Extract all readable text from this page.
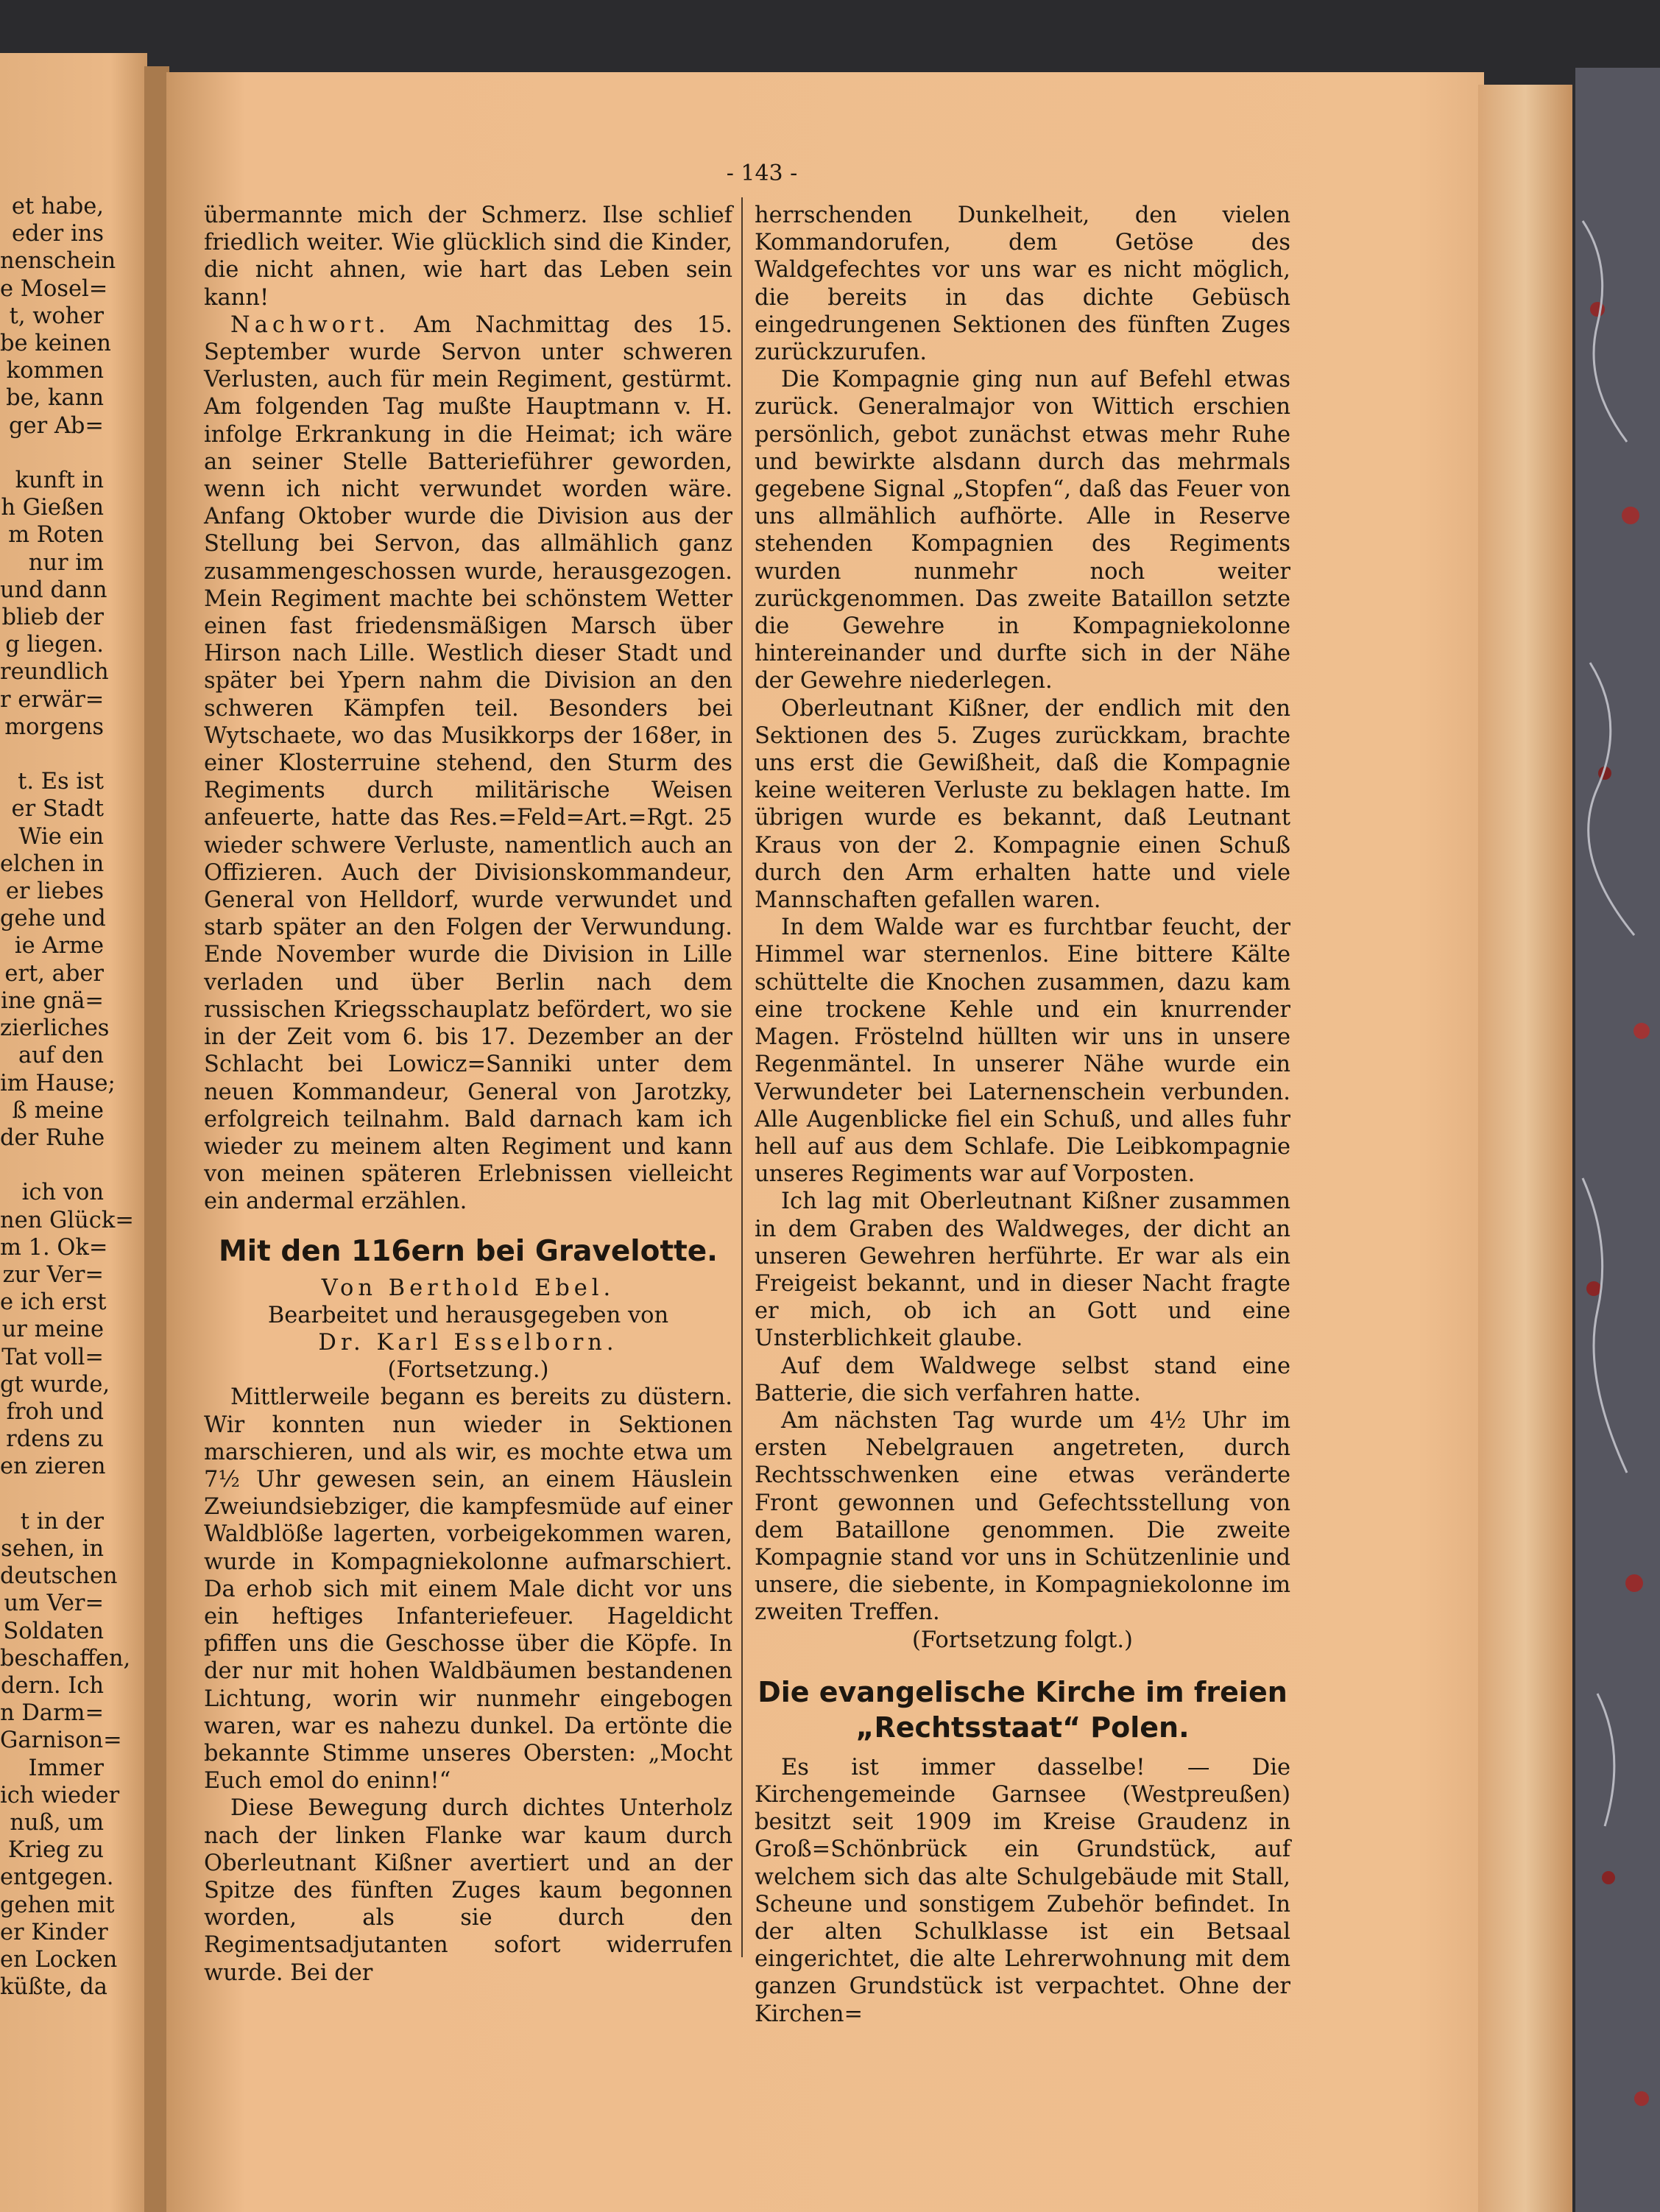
et habe,
eder ins
nenschein
e Mosel=
t, woher
be keinen
kommen
be, kann
ger Ab=

kunft in
h Gießen
m Roten
nur im
und dann
blieb der
g liegen.
reundlich
r erwär=
morgens

t. Es ist
er Stadt
Wie ein
elchen in
er liebes
gehe und
ie Arme
ert, aber
ine gnä=
zierliches
auf den
im Hause;
ß meine
der Ruhe

ich von
nen Glück=
m 1. Ok=
zur Ver=
e ich erst
ur meine
Tat voll=
gt wurde,
froh und
rdens zu
en zieren

t in der
sehen, in
deutschen
um Ver=
Soldaten
beschaffen,
dern. Ich
n Darm=
Garnison=
Immer
ich wieder
nuß, um
Krieg zu
entgegen.
gehen mit
er Kinder
en Locken
küßte, da
- 143 -

übermannte mich der Schmerz. Ilse schlief friedlich weiter. Wie glücklich sind die Kinder, die nicht ahnen, wie hart das Leben sein kann!

Nachwort. Am Nachmittag des 15. September wurde Servon unter schweren Verlusten, auch für mein Regiment, gestürmt. Am folgenden Tag mußte Hauptmann v. H. infolge Erkrankung in die Heimat; ich wäre an seiner Stelle Batterieführer geworden, wenn ich nicht verwundet worden wäre. Anfang Oktober wurde die Division aus der Stellung bei Servon, das allmählich ganz zusammengeschossen wurde, herausgezogen. Mein Regiment machte bei schönstem Wetter einen fast friedensmäßigen Marsch über Hirson nach Lille. Westlich dieser Stadt und später bei Ypern nahm die Division an den schweren Kämpfen teil. Besonders bei Wytschaete, wo das Musikkorps der 168er, in einer Klosterruine stehend, den Sturm des Regiments durch militärische Weisen anfeuerte, hatte das Res.=Feld=Art.=Rgt. 25 wieder schwere Verluste, namentlich auch an Offizieren. Auch der Divisionskommandeur, General von Helldorf, wurde verwundet und starb später an den Folgen der Verwundung. Ende November wurde die Division in Lille verladen und über Berlin nach dem russischen Kriegsschauplatz befördert, wo sie in der Zeit vom 6. bis 17. Dezember an der Schlacht bei Lowicz=Sanniki unter dem neuen Kommandeur, General von Jarotzky, erfolgreich teilnahm. Bald darnach kam ich wieder zu meinem alten Regiment und kann von meinen späteren Erlebnissen vielleicht ein andermal erzählen.

Mit den 116ern bei Gravelotte.

Von Berthold Ebel.

Bearbeitet und herausgegeben von

Dr. Karl Esselborn.

(Fortsetzung.)

Mittlerweile begann es bereits zu düstern. Wir konnten nun wieder in Sektionen marschieren, und als wir, es mochte etwa um 7½ Uhr gewesen sein, an einem Häuslein Zweiundsiebziger, die kampfesmüde auf einer Waldblöße lagerten, vorbeigekommen waren, wurde in Kompagniekolonne aufmarschiert. Da erhob sich mit einem Male dicht vor uns ein heftiges Infanteriefeuer. Hageldicht pfiffen uns die Geschosse über die Köpfe. In der nur mit hohen Waldbäumen bestandenen Lichtung, worin wir nunmehr eingebogen waren, war es nahezu dunkel. Da ertönte die bekannte Stimme unseres Obersten: „Mocht Euch emol do eninn!“

Diese Bewegung durch dichtes Unterholz nach der linken Flanke war kaum durch Oberleutnant Kißner avertiert und an der Spitze des fünften Zuges kaum begonnen worden, als sie durch den Regimentsadjutanten sofort widerrufen wurde. Bei der

herrschenden Dunkelheit, den vielen Kommandorufen, dem Getöse des Waldgefechtes vor uns war es nicht möglich, die bereits in das dichte Gebüsch eingedrungenen Sektionen des fünften Zuges zurückzurufen.

Die Kompagnie ging nun auf Befehl etwas zurück. Generalmajor von Wittich erschien persönlich, gebot zunächst etwas mehr Ruhe und bewirkte alsdann durch das mehrmals gegebene Signal „Stopfen“, daß das Feuer von uns allmählich aufhörte. Alle in Reserve stehenden Kompagnien des Regiments wurden nunmehr noch weiter zurückgenommen. Das zweite Bataillon setzte die Gewehre in Kompagniekolonne hintereinander und durfte sich in der Nähe der Gewehre niederlegen.

Oberleutnant Kißner, der endlich mit den Sektionen des 5. Zuges zurückkam, brachte uns erst die Gewißheit, daß die Kompagnie keine weiteren Verluste zu beklagen hatte. Im übrigen wurde es bekannt, daß Leutnant Kraus von der 2. Kompagnie einen Schuß durch den Arm erhalten hatte und viele Mannschaften gefallen waren.

In dem Walde war es furchtbar feucht, der Himmel war sternenlos. Eine bittere Kälte schüttelte die Knochen zusammen, dazu kam eine trockene Kehle und ein knurrender Magen. Fröstelnd hüllten wir uns in unsere Regenmäntel. In unserer Nähe wurde ein Verwundeter bei Laternenschein verbunden. Alle Augenblicke fiel ein Schuß, und alles fuhr hell auf aus dem Schlafe. Die Leibkompagnie unseres Regiments war auf Vorposten.

Ich lag mit Oberleutnant Kißner zusammen in dem Graben des Waldweges, der dicht an unseren Gewehren herführte. Er war als ein Freigeist bekannt, und in dieser Nacht fragte er mich, ob ich an Gott und eine Unsterblichkeit glaube.

Auf dem Waldwege selbst stand eine Batterie, die sich verfahren hatte.

Am nächsten Tag wurde um 4½ Uhr im ersten Nebelgrauen angetreten, durch Rechtsschwenken eine etwas veränderte Front gewonnen und Gefechtsstellung von dem Bataillone genommen. Die zweite Kompagnie stand vor uns in Schützenlinie und unsere, die siebente, in Kompagniekolonne im zweiten Treffen.

(Fortsetzung folgt.)

Die evangelische Kirche im freien „Rechtsstaat“ Polen.

Es ist immer dasselbe! — Die Kirchengemeinde Garnsee (Westpreußen) besitzt seit 1909 im Kreise Graudenz in Groß=Schönbrück ein Grundstück, auf welchem sich das alte Schulgebäude mit Stall, Scheune und sonstigem Zubehör befindet. In der alten Schulklasse ist ein Betsaal eingerichtet, die alte Lehrerwohnung mit dem ganzen Grundstück ist verpachtet. Ohne der Kirchen=
